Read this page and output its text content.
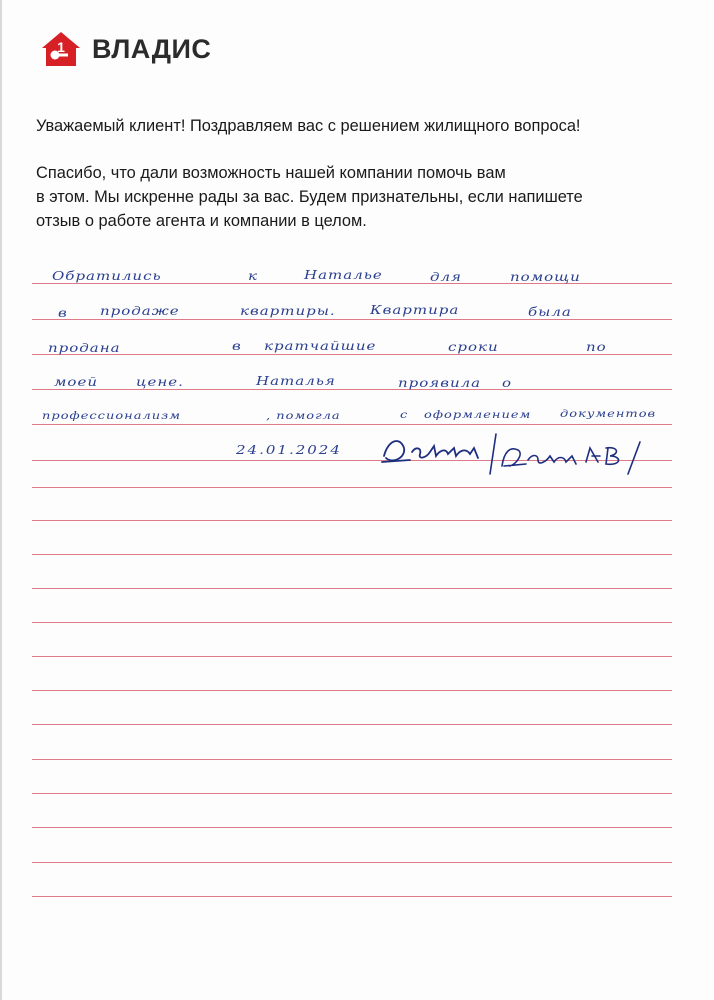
1 ВЛАДИС
Уважаемый клиент! Поздравляем вас с решением жилищного вопроса!
Спасибо, что дали возможность нашей компании помочь вам
в этом. Мы искренне рады за вас. Будем признательны, если напишете
отзыв о работе агента и компании в целом.
Обратились	к	Наталье	для	помощи
в продаже	квартиры. Квартира	была
продана	в кратчайшие	сроки	по
моей	цене.	Наталья	проявила о
профессионализм	, помогла	с оформлением документов
24.01.2024
